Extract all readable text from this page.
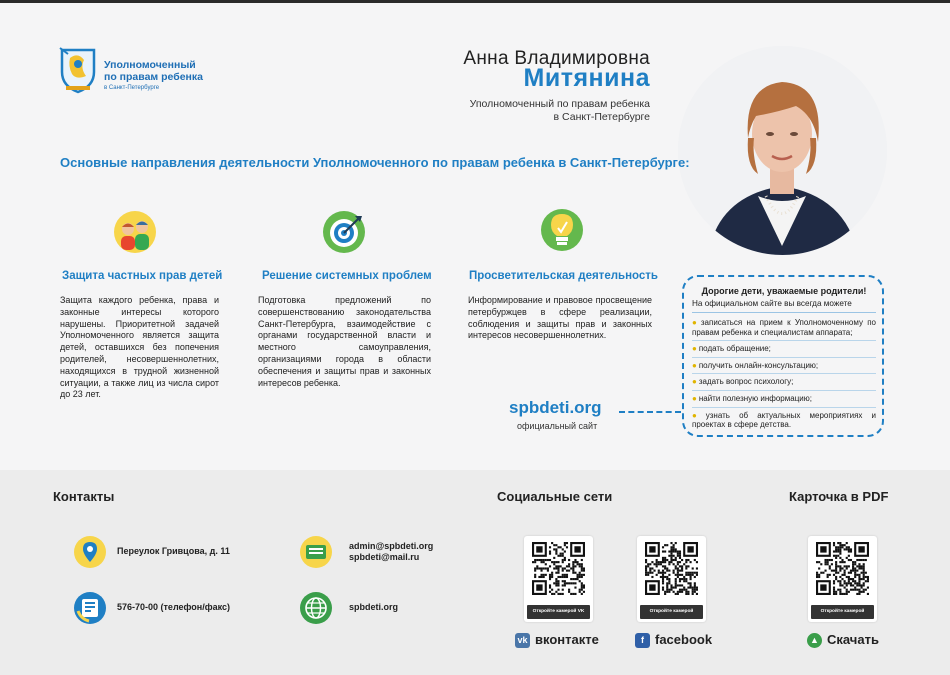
Уполномоченный
по правам ребенка
в Санкт-Петербурге
Анна Владимировна
Митянина
Уполномоченный по правам ребенка
в Санкт-Петербурге
Основные направления деятельности Уполномоченного по правам ребенка в Санкт-Петербурге:
Защита частных прав детей
Защита каждого ребенка, права и законные интересы которого нарушены. Приоритетной задачей Уполномоченного является защита детей, оставшихся без попечения родителей, несовершеннолетних, находящихся в трудной жизненной ситуации, а также лиц из числа сирот до 23 лет.
Решение системных проблем
Подготовка предложений по совершенствованию законодательства Санкт-Петербурга, взаимодействие с органами государственной власти и местного самоуправления, организациями города в области обеспечения и защиты прав и законных интересов ребенка.
Просветительская деятельность
Информирование и правовое просвещение петербуржцев в сфере реализации, соблюдения и защиты прав и законных интересов несовершеннолетних.
spbdeti.org
официальный сайт
Дорогие дети, уважаемые родители!
На официальном сайте вы всегда можете
● записаться на прием к Уполномоченному по правам ребенка и специалистам аппарата;
● подать обращение;
● получить онлайн-консультацию;
● задать вопрос психологу;
● найти полезную информацию;
● узнать об актуальных мероприятиях и проектах в сфере детства.
Контакты
Переулок Гривцова, д. 11
576-70-00 (телефон/факс)
admin@spbdeti.org
spbdeti@mail.ru
spbdeti.org
Социальные сети
Откройте камерой VK	Откройте камерой
vk вконтакте	f facebook
Карточка в PDF
Откройте камерой
▲ Скачать
